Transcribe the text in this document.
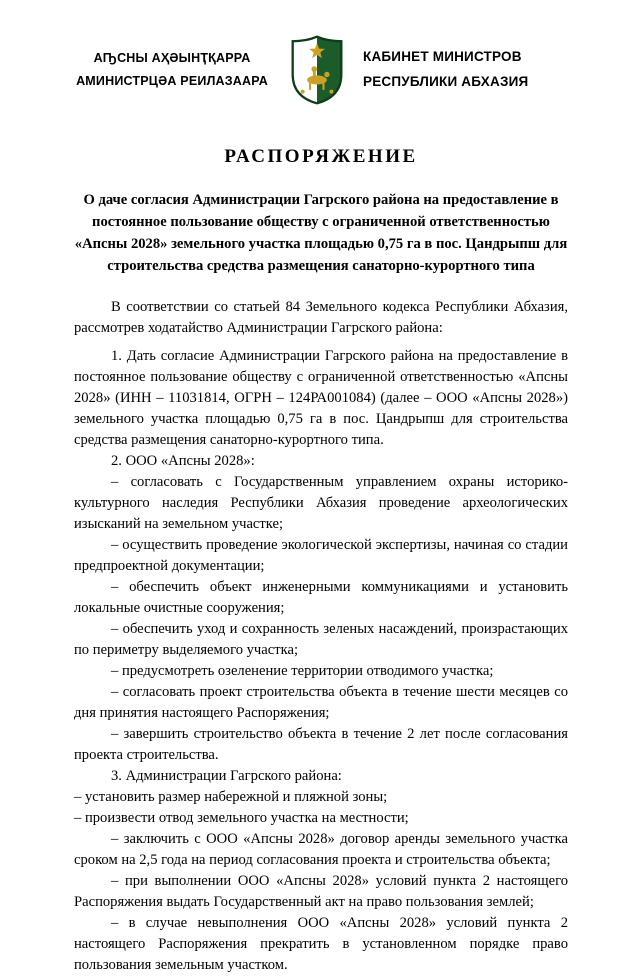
АҦСНЫ АҲӘЫНҬҚАРРА
АМИНИСТРЦӘА РЕИЛАЗААРА
КАБИНЕТ МИНИСТРОВ
РЕСПУБЛИКИ АБХАЗИЯ
РАСПОРЯЖЕНИЕ
О даче согласия Администрации Гагрского района на предоставление в постоянное пользование обществу с ограниченной ответственностью «Апсны 2028» земельного участка площадью 0,75 га в пос. Цандрыпш для строительства средства размещения санаторно-курортного типа

В соответствии со статьей 84 Земельного кодекса Республики Абхазия, рассмотрев ходатайство Администрации Гагрского района:

1. Дать согласие Администрации Гагрского района на предоставление в постоянное пользование обществу с ограниченной ответственностью «Апсны 2028» (ИНН – 11031814, ОГРН – 124РА001084) (далее – ООО «Апсны 2028») земельного участка площадью 0,75 га в пос. Цандрыпш для строительства средства размещения санаторно-курортного типа.

2. ООО «Апсны 2028»:

– согласовать с Государственным управлением охраны историко-культурного наследия Республики Абхазия проведение археологических изысканий на земельном участке;

– осуществить проведение экологической экспертизы, начиная со стадии предпроектной документации;

– обеспечить объект инженерными коммуникациями и установить локальные очистные сооружения;

– обеспечить уход и сохранность зеленых насаждений, произрастающих по периметру выделяемого участка;

– предусмотреть озеленение территории отводимого участка;

– согласовать проект строительства объекта в течение шести месяцев со дня принятия настоящего Распоряжения;

– завершить строительство объекта в течение 2 лет после согласования проекта строительства.

3. Администрации Гагрского района:

– установить размер набережной и пляжной зоны;

– произвести отвод земельного участка на местности;

– заключить с ООО «Апсны 2028» договор аренды земельного участка сроком на 2,5 года на период согласования проекта и строительства объекта;

– при выполнении ООО «Апсны 2028» условий пункта 2 настоящего Распоряжения выдать Государственный акт на право пользования землей;

– в случае невыполнения ООО «Апсны 2028» условий пункта 2 настоящего Распоряжения прекратить в установленном порядке право пользования земельным участком.
